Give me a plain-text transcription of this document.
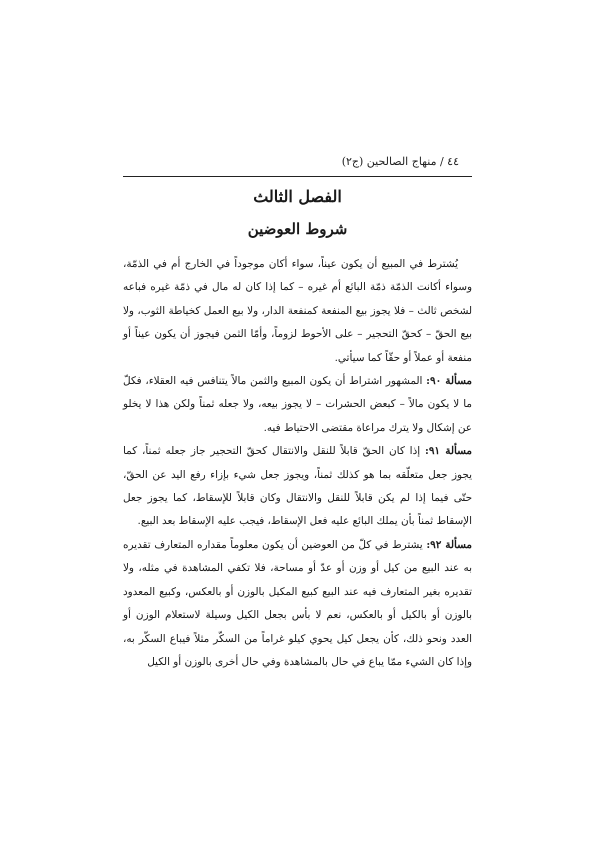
٤٤ / منهاج الصالحين (ج٢)
الفصل الثالث
شروط العوضين

يُشترط في المبيع أن يكون عيناً، سواء أكان موجوداً في الخارج أم في الذمّة، وسواء أكانت الذمّة ذمّة البائع أم غيره – كما إذا كان له مال في ذمّة غيره فباعه لشخص ثالث – فلا يجوز بيع المنفعة كمنفعة الدار، ولا بيع العمل كخياطة الثوب، ولا بيع الحقّ – كحقّ التحجير – على الأحوط لزوماً، وأمّا الثمن فيجوز أن يكون عيناً أو منفعة أو عملاً أو حقّاً كما سيأتي.

مسألة ٩٠: المشهور اشتراط أن يكون المبيع والثمن مالاً يتنافس فيه العقلاء، فكلّ ما لا يكون مالاً – كبعض الحشرات – لا يجوز بيعه، ولا جعله ثمناً ولكن هذا لا يخلو عن إشكال ولا يترك مراعاة مقتضى الاحتياط فيه.

مسألة ٩١: إذا كان الحقّ قابلاً للنقل والانتقال كحقّ التحجير جاز جعله ثمناً، كما يجوز جعل متعلّقه بما هو كذلك ثمناً، ويجوز جعل شيء بإزاء رفع اليد عن الحقّ، حتّى فيما إذا لم يكن قابلاً للنقل والانتقال وكان قابلاً للإسقاط، كما يجوز جعل الإسقاط ثمناً بأن يملك البائع عليه فعل الإسقاط، فيجب عليه الإسقاط بعد البيع.

مسألة ٩٢: يشترط في كلّ من العوضين أن يكون معلوماً مقداره المتعارف تقديره به عند البيع من كيل أو وزن أو عدّ أو مساحة، فلا تكفي المشاهدة في مثله، ولا تقديره بغير المتعارف فيه عند البيع كبيع المكيل بالوزن أو بالعكس، وكبيع المعدود بالوزن أو بالكيل أو بالعكس، نعم لا بأس بجعل الكيل وسيلة لاستعلام الوزن أو العدد ونحو ذلك، كأن يجعل كيل يحوي كيلو غراماً من السكّر مثلاً فيباع السكّر به، وإذا كان الشيء ممّا يباع في حال بالمشاهدة وفي حال أخرى بالوزن أو الكيل
